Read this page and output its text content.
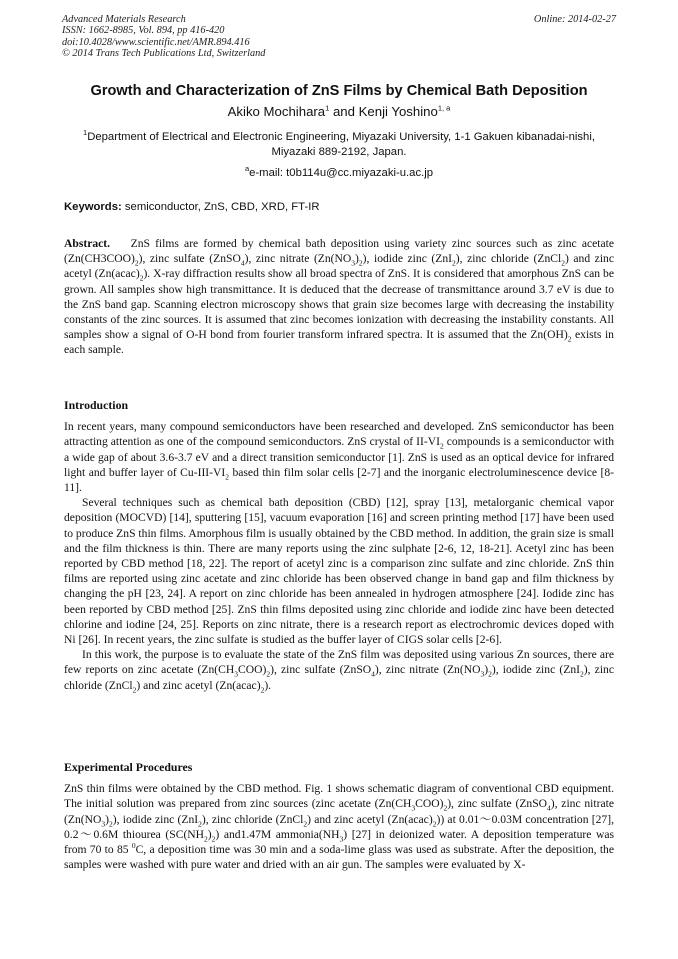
Advanced Materials Research
ISSN: 1662-8985, Vol. 894, pp 416-420
doi:10.4028/www.scientific.net/AMR.894.416
© 2014 Trans Tech Publications Ltd, Switzerland
Online: 2014-02-27
Growth and Characterization of ZnS Films by Chemical Bath Deposition
Akiko Mochihara$^1$ and Kenji Yoshino$^{1, a}$
$^1$Department of Electrical and Electronic Engineering, Miyazaki University, 1-1 Gakuen kibanadai-nishi, Miyazaki 889-2192, Japan.
$^a$e-mail: t0b114u@cc.miyazaki-u.ac.jp
Keywords: semiconductor, ZnS, CBD, XRD, FT-IR

Abstract. ZnS films are formed by chemical bath deposition using variety zinc sources such as zinc acetate $(Zn(CH3COO)_2)$, zinc sulfate (ZnSO$_4$), zinc nitrate $(Zn(NO_3)_2)$, iodide zinc (ZnI$_2$), zinc chloride (ZnCl$_2$) and zinc acetyl $(Zn(acac)_2)$. X-ray diffraction results show all broad spectra of ZnS. It is considered that amorphous ZnS can be grown. All samples show high transmittance. It is deduced that the decrease of transmittance around 3.7 eV is due to the ZnS band gap. Scanning electron microscopy shows that grain size becomes large with decreasing the instability constants of the zinc sources. It is assumed that zinc becomes ionization with decreasing the instability constants. All samples show a signal of O-H bond from fourier transform infrared spectra. It is assumed that the $Zn(OH)_2$ exists in each sample.

Introduction

In recent years, many compound semiconductors have been researched and developed. ZnS semiconductor has been attracting attention as one of the compound semiconductors. ZnS crystal of $II-VI_2$ compounds is a semiconductor with a wide gap of about 3.6-3.7 eV and a direct transition semiconductor [1]. ZnS is used as an optical device for infrared light and buffer layer of $Cu-III-VI_2$ based thin film solar cells [2-7] and the inorganic electroluminescence device [8-11].

Several techniques such as chemical bath deposition (CBD) [12], spray [13], metalorganic chemical vapor deposition (MOCVD) [14], sputtering [15], vacuum evaporation [16] and screen printing method [17] have been used to produce ZnS thin films. Amorphous film is usually obtained by the CBD method. In addition, the grain size is small and the film thickness is thin. There are many reports using the zinc sulphate [2-6, 12, 18-21]. Acetyl zinc has been reported by CBD method [18, 22]. The report of acetyl zinc is a comparison zinc sulfate and zinc chloride. ZnS thin films are reported using zinc acetate and zinc chloride has been observed change in band gap and film thickness by changing the pH [23, 24]. A report on zinc chloride has been annealed in hydrogen atmosphere [24]. Iodide zinc has been reported by CBD method [25]. ZnS thin films deposited using zinc chloride and iodide zinc have been detected chlorine and iodine [24, 25]. Reports on zinc nitrate, there is a research report as electrochromic devices doped with Ni [26]. In recent years, the zinc sulfate is studied as the buffer layer of CIGS solar cells [2-6].

In this work, the purpose is to evaluate the state of the ZnS film was deposited using various Zn sources, there are few reports on zinc acetate $(Zn(CH_3COO)_2)$, zinc sulfate (ZnSO$_4$), zinc nitrate $(Zn(NO_3)_2)$, iodide zinc (ZnI$_2$), zinc chloride (ZnCl$_2$) and zinc acetyl $(Zn(acac)_2)$.

Experimental Procedures

ZnS thin films were obtained by the CBD method. Fig. 1 shows schematic diagram of conventional CBD equipment. The initial solution was prepared from zinc sources (zinc acetate $(Zn(CH_3COO)_2)$, zinc sulfate (ZnSO$_4$), zinc nitrate $(Zn(NO_3)_2)$, iodide zinc (ZnI$_2$), zinc chloride (ZnCl$_2$) and zinc acetyl $(Zn(acac)_2)$) at 0.01～0.03M concentration [27], 0.2～0.6M thiourea $(SC(NH_2)_2)$ and1.47M $ammonia(NH_3)$ [27] in deionized water. A deposition temperature was from 70 to 85 $^0$C, a deposition time was 30 min and a soda-lime glass was used as substrate. After the deposition, the samples were washed with pure water and dried with an air gun. The samples were evaluated by X-
